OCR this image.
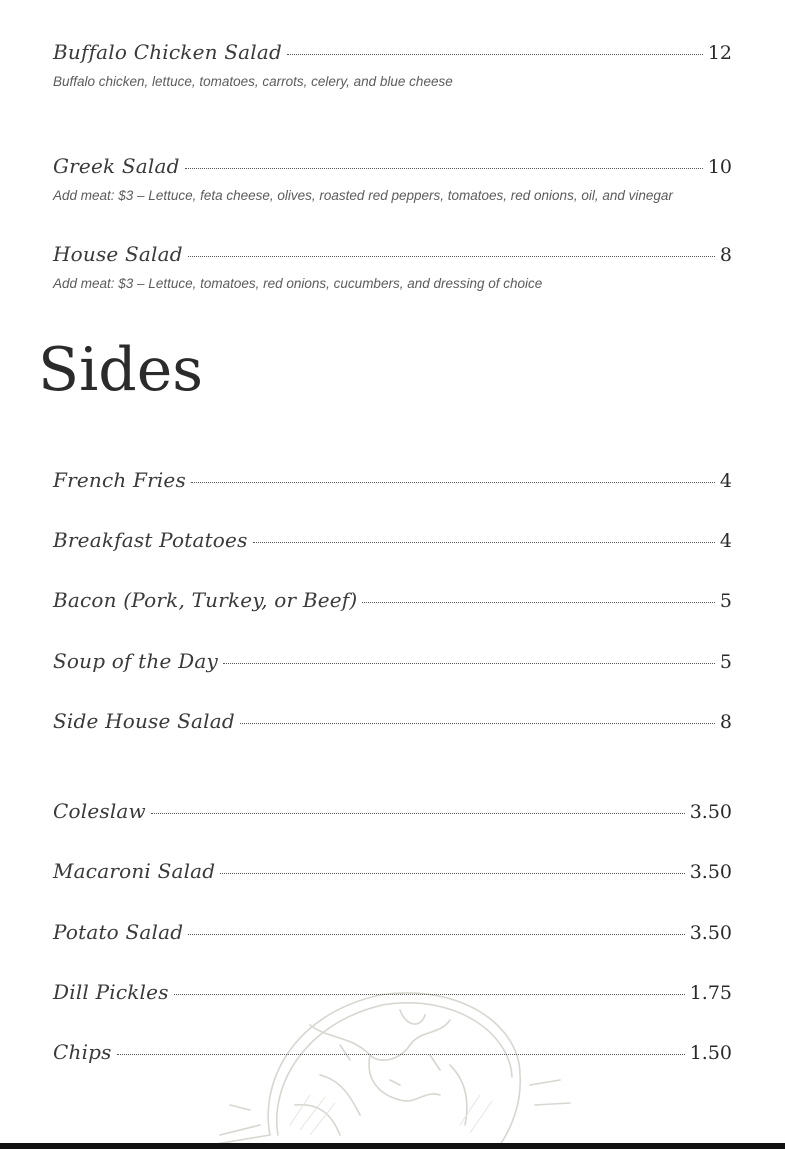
Buffalo Chicken Salad	12
Buffalo chicken, lettuce, tomatoes, carrots, celery, and blue cheese
Greek Salad	10
Add meat: $3 – Lettuce, feta cheese, olives, roasted red peppers, tomatoes, red onions, oil, and vinegar
House Salad	8
Add meat: $3 – Lettuce, tomatoes, red onions, cucumbers, and dressing of choice
Sides
French Fries	4
Breakfast Potatoes	4
Bacon (Pork, Turkey, or Beef)	5
Soup of the Day	5
Side House Salad	8
Coleslaw	3.50
Macaroni Salad	3.50
Potato Salad	3.50
Dill Pickles	1.75
Chips	1.50
